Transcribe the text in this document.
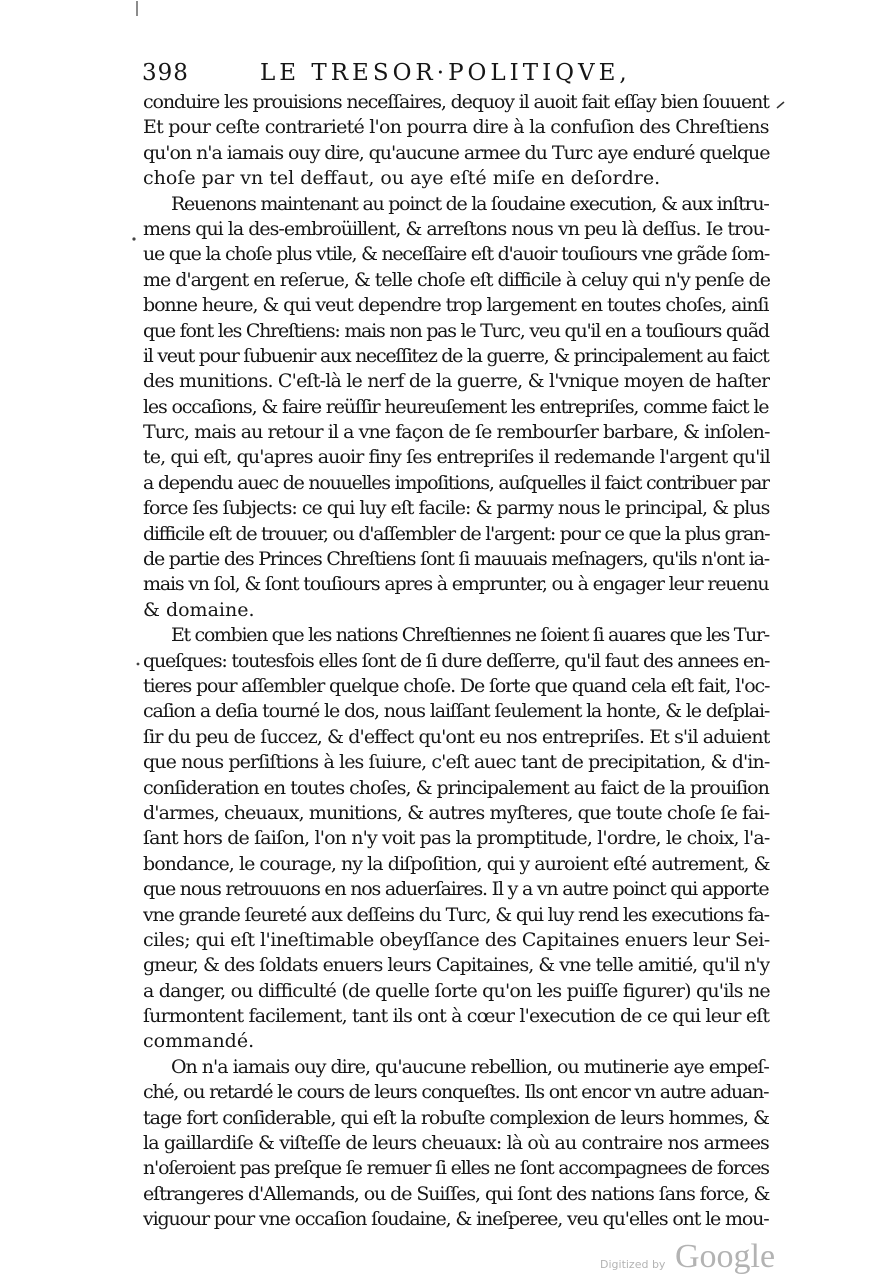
398	LE TRESOR·POLITIQVE,
conduire les prouisions neceſſaires, dequoy il auoit fait eſſay bien ſouuent
Et pour ceſte contrarieté l'on pourra dire à la confuſion des Chreſtiens
qu'on n'a iamais ouy dire, qu'aucune armee du Turc aye enduré quelque
choſe par vn tel deffaut, ou aye eſté miſe en deſordre.
Reuenons maintenant au poinct de la ſoudaine execution, & aux inſtru-
mens qui la des-embroüillent, & arreſtons nous vn peu là deſſus. Ie trou-
ue que la choſe plus vtile, & neceſſaire eſt d'auoir touſiours vne grãde ſom-
me d'argent en reſerue, & telle choſe eſt difficile à celuy qui n'y penſe de
bonne heure, & qui veut dependre trop largement en toutes choſes, ainſi
que font les Chreſtiens: mais non pas le Turc, veu qu'il en a touſiours quãd
il veut pour ſubuenir aux neceſſitez de la guerre, & principalement au faict
des munitions. C'eſt-là le nerf de la guerre, & l'vnique moyen de haſter
les occaſions, & faire reüſſir heureuſement les entrepriſes, comme faict le
Turc, mais au retour il a vne façon de ſe rembourſer barbare, & inſolen-
te, qui eſt, qu'apres auoir finy ſes entrepriſes il redemande l'argent qu'il
a dependu auec de nouuelles impoſitions, auſquelles il faict contribuer par
force ſes ſubjects: ce qui luy eſt facile: & parmy nous le principal, & plus
difficile eſt de trouuer, ou d'aſſembler de l'argent: pour ce que la plus gran-
de partie des Princes Chreſtiens ſont ſi mauuais meſnagers, qu'ils n'ont ia-
mais vn ſol, & ſont touſiours apres à emprunter, ou à engager leur reuenu
& domaine.
Et combien que les nations Chreſtiennes ne ſoient ſi auares que les Tur-
queſques: toutesfois elles ſont de ſi dure deſſerre, qu'il faut des annees en-
tieres pour aſſembler quelque choſe. De ſorte que quand cela eſt fait, l'oc-
caſion a deſia tourné le dos, nous laiſſant ſeulement la honte, & le deſplai-
ſir du peu de ſuccez, & d'effect qu'ont eu nos entrepriſes. Et s'il aduient
que nous perſiſtions à les ſuiure, c'eſt auec tant de precipitation, & d'in-
conſideration en toutes choſes, & principalement au faict de la prouiſion
d'armes, cheuaux, munitions, & autres myſteres, que toute choſe ſe fai-
ſant hors de ſaiſon, l'on n'y voit pas la promptitude, l'ordre, le choix, l'a-
bondance, le courage, ny la diſpoſition, qui y auroient eſté autrement, &
que nous retrouuons en nos aduerſaires. Il y a vn autre poinct qui apporte
vne grande ſeureté aux deſſeins du Turc, & qui luy rend les executions fa-
ciles; qui eſt l'ineſtimable obeyſſance des Capitaines enuers leur Sei-
gneur, & des ſoldats enuers leurs Capitaines, & vne telle amitié, qu'il n'y
a danger, ou difficulté (de quelle ſorte qu'on les puiſſe figurer) qu'ils ne
ſurmontent facilement, tant ils ont à cœur l'execution de ce qui leur eſt
commandé.
On n'a iamais ouy dire, qu'aucune rebellion, ou mutinerie aye empeſ-
ché, ou retardé le cours de leurs conqueſtes. Ils ont encor vn autre aduan-
tage fort conſiderable, qui eſt la robuſte complexion de leurs hommes, &
la gaillardiſe & viſteſſe de leurs cheuaux: là où au contraire nos armees
n'oſeroient pas preſque ſe remuer ſi elles ne ſont accompagnees de forces
eſtrangeres d'Allemands, ou de Suiſſes, qui ſont des nations ſans force, &
viguour pour vne occaſion ſoudaine, & ineſperee, veu qu'elles ont le mou-
Digitized by Google
